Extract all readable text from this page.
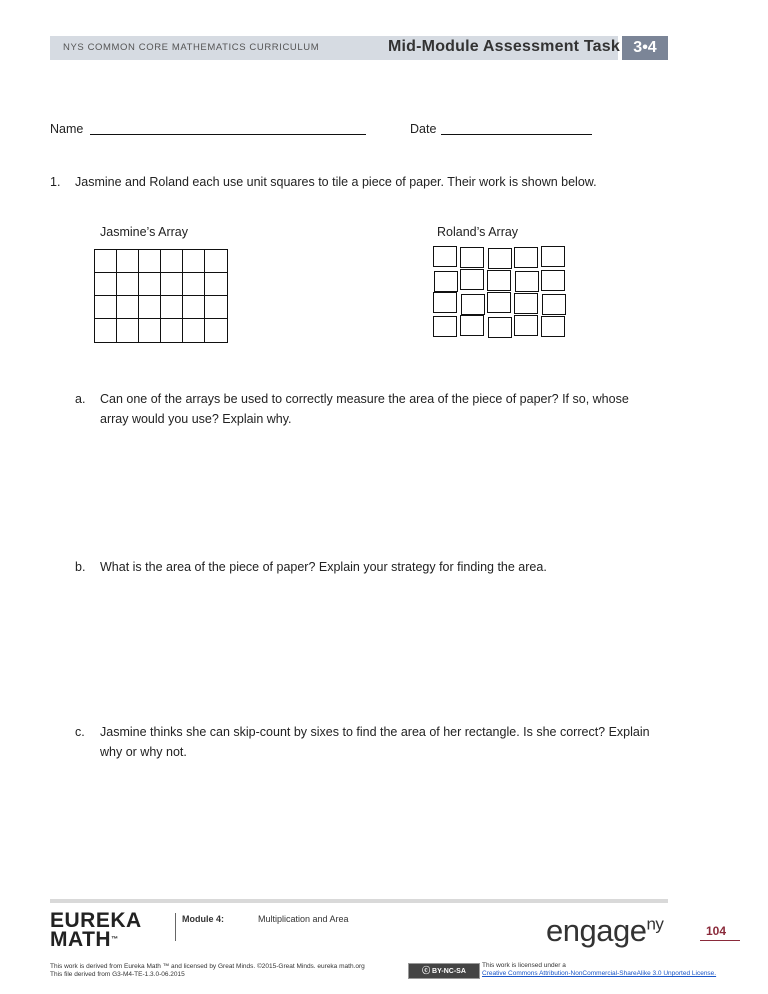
NYS COMMON CORE MATHEMATICS CURRICULUM	Mid-Module Assessment Task 3•4
Name	Date
1. Jasmine and Roland each use unit squares to tile a piece of paper. Their work is shown below.
Jasmine’s Array	Roland’s Array
a. Can one of the arrays be used to correctly measure the area of the piece of paper? If so, whose
array would you use? Explain why.
b. What is the area of the piece of paper? Explain your strategy for finding the area.
c. Jasmine thinks she can skip-count by sixes to find the area of her rectangle. Is she correct? Explain
why or why not.
EUREKA
MATH™
Module 4:	Multiplication and Area	engage$^{ny}$	104
This work is derived from Eureka Math ™ and licensed by Great Minds. ©2015-Great Minds. eureka math.org
This file derived from G3-M4-TE-1.3.0-06.2015	ⓒ BY-NC-SA
This work is licensed under a
Creative Commons Attribution-NonCommercial-ShareAlike 3.0 Unported License.
